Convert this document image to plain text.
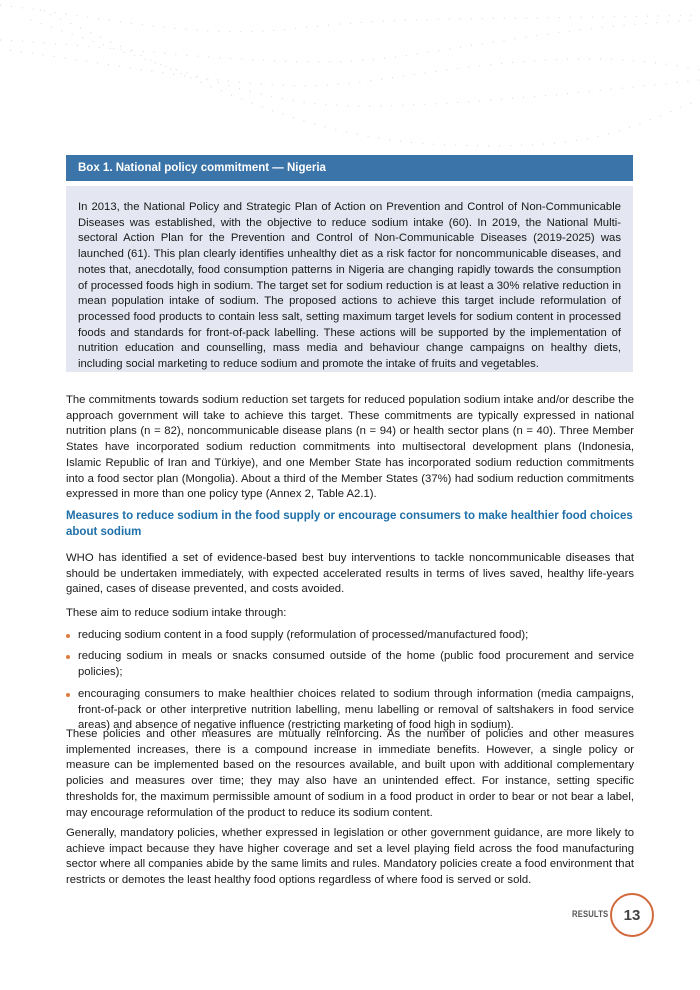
Box 1. National policy commitment — Nigeria

In 2013, the National Policy and Strategic Plan of Action on Prevention and Control of Non-Communicable Diseases was established, with the objective to reduce sodium intake (60). In 2019, the National Multi-sectoral Action Plan for the Prevention and Control of Non-Communicable Diseases (2019-2025) was launched (61). This plan clearly identifies unhealthy diet as a risk factor for noncommunicable diseases, and notes that, anecdotally, food consumption patterns in Nigeria are changing rapidly towards the consumption of processed foods high in sodium. The target set for sodium reduction is at least a 30% relative reduction in mean population intake of sodium. The proposed actions to achieve this target include reformulation of processed food products to contain less salt, setting maximum target levels for sodium content in processed foods and standards for front-of-pack labelling. These actions will be supported by the implementation of nutrition education and counselling, mass media and behaviour change campaigns on healthy diets, including social marketing to reduce sodium and promote the intake of fruits and vegetables.

The commitments towards sodium reduction set targets for reduced population sodium intake and/or describe the approach government will take to achieve this target. These commitments are typically expressed in national nutrition plans (n = 82), noncommunicable disease plans (n = 94) or health sector plans (n = 40). Three Member States have incorporated sodium reduction commitments into multisectoral development plans (Indonesia, Islamic Republic of Iran and Türkiye), and one Member State has incorporated sodium reduction commitments into a food sector plan (Mongolia). About a third of the Member States (37%) had sodium reduction commitments expressed in more than one policy type (Annex 2, Table A2.1).

Measures to reduce sodium in the food supply or encourage consumers to make healthier food choices about sodium

WHO has identified a set of evidence-based best buy interventions to tackle noncommunicable diseases that should be undertaken immediately, with expected accelerated results in terms of lives saved, healthy life-years gained, cases of disease prevented, and costs avoided.

These aim to reduce sodium intake through:

reducing sodium content in a food supply (reformulation of processed/manufactured food);
reducing sodium in meals or snacks consumed outside of the home (public food procurement and service policies);
encouraging consumers to make healthier choices related to sodium through information (media campaigns, front-of-pack or other interpretive nutrition labelling, menu labelling or removal of saltshakers in food service areas) and absence of negative influence (restricting marketing of food high in sodium).

These policies and other measures are mutually reinforcing. As the number of policies and other measures implemented increases, there is a compound increase in immediate benefits. However, a single policy or measure can be implemented based on the resources available, and built upon with additional complementary policies and measures over time; they may also have an unintended effect. For instance, setting specific thresholds for, the maximum permissible amount of sodium in a food product in order to bear or not bear a label, may encourage reformulation of the product to reduce its sodium content.

Generally, mandatory policies, whether expressed in legislation or other government guidance, are more likely to achieve impact because they have higher coverage and set a level playing field across the food manufacturing sector where all companies abide by the same limits and rules. Mandatory policies create a food environment that restricts or demotes the least healthy food options regardless of where food is served or sold.

RESULTS 13
